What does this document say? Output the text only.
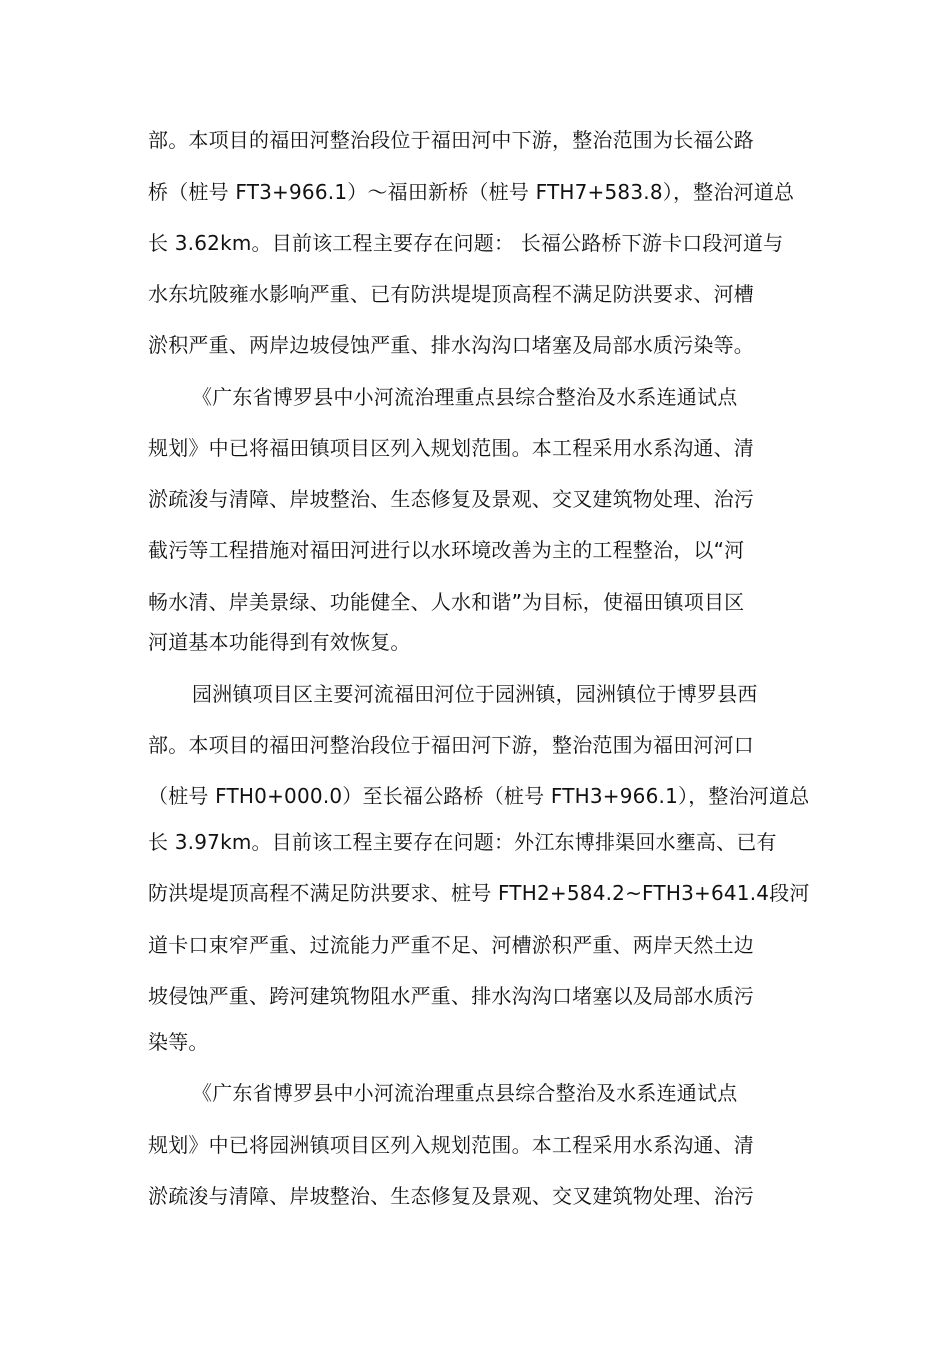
部。本项目的福田河整治段位于福田河中下游，整治范围为长福公路
桥（桩号 FT3+966.1）～福田新桥（桩号 FTH7+583.8），整治河道总
长 3.62km。目前该工程主要存在问题： 长福公路桥下游卡口段河道与
水东坑陂雍水影响严重、已有防洪堤堤顶高程不满足防洪要求、河槽
淤积严重、两岸边坡侵蚀严重、排水沟沟口堵塞及局部水质污染等。
《广东省博罗县中小河流治理重点县综合整治及水系连通试点
规划》中已将福田镇项目区列入规划范围。本工程采用水系沟通、清
淤疏浚与清障、岸坡整治、生态修复及景观、交叉建筑物处理、治污
截污等工程措施对福田河进行以水环境改善为主的工程整治，以“河
畅水清、岸美景绿、功能健全、人水和谐”为目标，使福田镇项目区
河道基本功能得到有效恢复。
园洲镇项目区主要河流福田河位于园洲镇，园洲镇位于博罗县西
部。本项目的福田河整治段位于福田河下游，整治范围为福田河河口
（桩号 FTH0+000.0）至长福公路桥（桩号 FTH3+966.1），整治河道总
长 3.97km。目前该工程主要存在问题：外江东博排渠回水壅高、已有
防洪堤堤顶高程不满足防洪要求、桩号 FTH2+584.2~FTH3+641.4段河
道卡口束窄严重、过流能力严重不足、河槽淤积严重、两岸天然土边
坡侵蚀严重、跨河建筑物阻水严重、排水沟沟口堵塞以及局部水质污
染等。
《广东省博罗县中小河流治理重点县综合整治及水系连通试点
规划》中已将园洲镇项目区列入规划范围。本工程采用水系沟通、清
淤疏浚与清障、岸坡整治、生态修复及景观、交叉建筑物处理、治污
